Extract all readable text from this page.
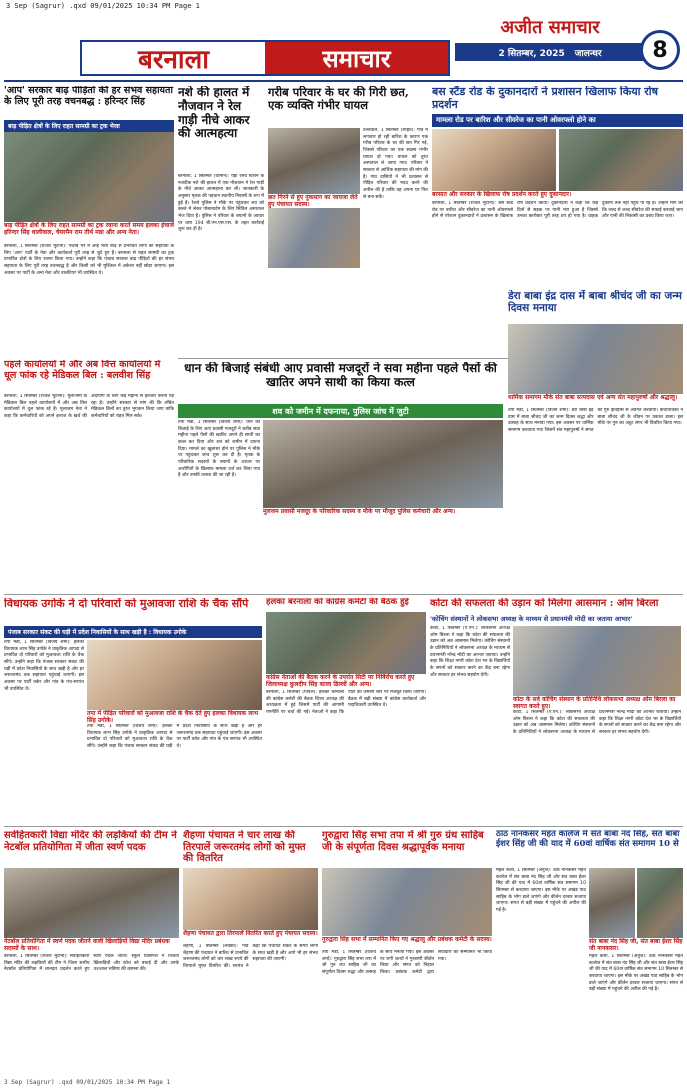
3 Sep (Sagrur) .qxd 09/01/2025 10:34 PM Page 1
बरनाला	समाचार
अजीत समाचार
2 सितम्बर, 2025 जालन्धर	8
'आप' सरकार बाढ़ पीड़ितों की हर संभव सहायता के लिए पूरी तरह वचनबद्ध : हरिन्दर सिंह
बाढ़ पीड़ित क्षेत्रों के लिए राहत सामग्री का ट्रक भेजा
बाढ़ पीड़ित क्षेत्रों के लिए राहत सामग्री का ट्रक रवाना करते समय हलका इंचार्ज हरिन्दर सिंह धालीवाल, चेयरमैन राम तीर्थ मन्ना और अन्य नेता।
बरनाला, 1 सितम्बर (राजेश भुटानी): पंजाब भर में आई भारी बाढ़ से प्रभावित लोगों की सहायता के लिए 'आप' पार्टी के नेता और कार्यकर्ता पूरी तरह से जुटे हुए हैं। बरनाला से राहत सामग्री का ट्रक प्रभावित क्षेत्रों के लिए रवाना किया गया। उन्होंने कहा कि पंजाब सरकार बाढ़ पीड़ितों की हर संभव सहायता के लिए पूरी तरह वचनबद्ध है और किसी को भी मुश्किल में अकेला नहीं छोड़ा जाएगा। इस अवसर पर पार्टी के अन्य नेता और वालंटियर भी उपस्थित थे।
नशे की हालत में नौजवान ने रेल गाड़ी नीचे आकर की आत्महत्या
बरनाला, 1 सितम्बर (धीमान): यहां रेलवे स्टेशन के नजदीक नशे की हालत में एक नौजवान ने रेल गाड़ी के नीचे आकर आत्महत्या कर ली। जानकारी के अनुसार मृतक की पहचान स्थानीय निवासी के रूप में हुई है। रेलवे पुलिस ने मौके पर पहुंचकर शव को कब्जे में लेकर पोस्टमार्टम के लिए सिविल अस्पताल भेज दिया है। पुलिस ने परिवार के बयानों के आधार पर धारा 194 बी.एन.एस.एस. के तहत कार्रवाई शुरू कर दी है।
गरीब परिवार के घर की गिरी छत, एक व्यक्ति गंभीर घायल
छत गिरने से हुए नुकसान का जायजा लेते हुए पंचायत सदस्य।
टल्लेवाल, 1 सितम्बर (रोहित): गांव में लगातार हो रही बारिश के कारण एक गरीब परिवार के घर की छत गिर गई, जिससे परिवार का एक सदस्य गंभीर घायल हो गया। घायल को तुरंत अस्पताल ले जाया गया। परिवार ने सरकार से आर्थिक सहायता की मांग की है। गांव वासियों ने भी प्रशासन से पीड़ित परिवार की मदद करने की अपील की है ताकि वह अपना घर फिर से बना सकें।
बस स्टैंड रोड के दुकानदारों ने प्रशासन खिलाफ किया रोष प्रदर्शन
मामला रोड पर बारिश और सीवरेज का पानी ओवरफ्लो होने का
बरसात और सरकार के खिलाफ रोष प्रदर्शन करते हुए दुकानदार।
बरनाला, 1 सितम्बर (राजेश भुटानी): बस स्टैंड रोड पर बारिश और सीवरेज का पानी ओवरफ्लो होने से परेशान दुकानदारों ने प्रशासन के खिलाफ रोष प्रदर्शन किया। दुकानदारों ने कहा कि कई दिनों से सड़क पर पानी भरा हुआ है जिससे उनका कारोबार पूरी तरह ठप हो गया है। ग्राहक दुकानों तक नहीं पहुंच पा रहे हैं। उन्होंने मांग की कि जल्द से जल्द सीवरेज की सफाई करवाई जाए और पानी की निकासी का प्रबंध किया जाए।
पहले कार्यालयों में और अब वित्त कार्यालयों में धूल फांक रहे मेडिकल बिल : बलवीश सिंह
बरनाला, 1 सितम्बर (राजेश भुटानी): मुलाजमों के मेडिकल बिल पहले कार्यालयों में और अब वित्त कार्यालयों में धूल फांक रहे हैं। मुलाजम नेता ने कहा कि कर्मचारियों को अपने इलाज के खर्च की अदायगी के लिए कई महीनों से इंतजार करना पड़ रहा है। उन्होंने सरकार से मांग की कि लंबित मेडिकल बिलों का तुरंत भुगतान किया जाए ताकि कर्मचारियों को राहत मिल सके।
धान की बिजाई संबंधी आए प्रवासी मजदूरों ने सवा महीना पहले पैसों की खातिर अपने साथी का किया कत्ल
शव को जमीन में दफनाया, पुलिस जांच में जुटी
तपा मंडी, 1 सितम्बर (विजय शर्मा): धान की बिजाई के लिए आए प्रवासी मजदूरों ने करीब सवा महीना पहले पैसों की खातिर अपने ही साथी का कत्ल कर दिया और शव को जमीन में दफना दिया। मामले का खुलासा होने पर पुलिस ने मौके पर पहुंचकर जांच शुरू कर दी है। मृतक के परिवारिक सदस्यों के बयानों के आधार पर आरोपियों के खिलाफ मामला दर्ज कर लिया गया है और उनकी तलाश की जा रही है।
मुलजम प्रवासी मजदूर के परिवारिक सदस्य व मौके पर मौजूद पुलिस कर्मचारी और अन्य।
डेरा बाबा इंद्र दास में बाबा श्रीचंद जी का जन्म दिवस मनाया
धार्मिक समागम मौके संत बाबा सत्यदास एवं अन्य संत महापुरुषों और श्रद्धालु।
तपा मंडी, 1 सितम्बर (विजय शर्मा): डेरा बाबा इंद्र दास में बाबा श्रीचंद जी का जन्म दिवस श्रद्धा और उत्साह के साथ मनाया गया। इस अवसर पर धार्मिक समागम करवाया गया जिसमें संत महापुरुषों ने संगत को गुरु इतिहास से अवगत करवाया। कथावाचकों ने बाबा श्रीचंद जी के जीवन पर प्रकाश डाला। इस मौके पर गुरु का अटूट लंगर भी वितरित किया गया।
विधायक उगोके ने दो परिवारों को मुआवजा राशि के चैक सौंपे
पंजाब सरकार संकट की घड़ी में प्रदेश निवासियों के साथ खड़ी है : विधायक उगोके
तपा मंडी, 1 सितम्बर (विजय शर्मा): हलका विधायक लाभ सिंह उगोके ने प्राकृतिक आपदा से प्रभावित दो परिवारों को मुआवजा राशि के चैक सौंपे। उन्होंने कहा कि पंजाब सरकार संकट की घड़ी में प्रदेश निवासियों के साथ खड़ी है और हर जरूरतमंद तक सहायता पहुंचाई जाएगी। इस अवसर पर पार्टी वर्कर और गांव के पंच-सरपंच भी उपस्थित थे।
तपा में पीड़ित परिवारों को मुआवजा राशि के चैक देते हुए हलका विधायक लाभ सिंह उगोके।
तपा मंडी, 1 सितम्बर (विजय शर्मा): हलका विधायक लाभ सिंह उगोके ने प्राकृतिक आपदा से प्रभावित दो परिवारों को मुआवजा राशि के चैक सौंपे। उन्होंने कहा कि पंजाब सरकार संकट की घड़ी में प्रदेश निवासियों के साथ खड़ी है और हर जरूरतमंद तक सहायता पहुंचाई जाएगी। इस अवसर पर पार्टी वर्कर और गांव के पंच-सरपंच भी उपस्थित थे।
हलका बरनाला को कांग्रेस कमेटी की बैठक हुई
कांग्रेस नेताओं की बैठक करने के उपरांत सिटी पर निर्विरोध करते हुए जिलाध्यक्ष कुलदीप सिंह काला ढिल्लों और अन्य।
बरनाला, 1 सितम्बर (गोयल): हलका बरनाला की कांग्रेस कमेटी की बैठक जिला अध्यक्ष की अध्यक्षता में हुई जिसमें पार्टी की आगामी रणनीति पर चर्चा की गई। नेताओं ने कहा कि पार्टी को जमीनी स्तर पर मजबूत किया जाएगा। बैठक में बड़ी संख्या में कांग्रेस कार्यकर्ता और पदाधिकारी उपस्थित थे।
कोटा की सफलता की उड़ान को मिलेगा आसमान : ओम बिरला
'कोचिंग संस्थानों ने लोकसभा अध्यक्ष के माध्यम से प्रधानमंत्री मोदी का जताया आभार'
कोटा, 1 सितम्बर (ए.एन.): लोकसभा अध्यक्ष ओम बिरला ने कहा कि कोटा की सफलता की उड़ान को अब आसमान मिलेगा। कोचिंग संस्थानों के प्रतिनिधियों ने लोकसभा अध्यक्ष के माध्यम से प्रधानमंत्री नरेन्द्र मोदी का आभार जताया। उन्होंने कहा कि शिक्षा नगरी कोटा देश भर के विद्यार्थियों के सपनों को साकार करने का केंद्र बना रहेगा और सरकार हर संभव सहयोग देगी।
कोटा के सर्व कोचिंग संस्थान के प्रतिनिधि लोकसभा अध्यक्ष ओम बिरला का स्वागत करते हुए।
कोटा, 1 सितम्बर (ए.एन.): लोकसभा अध्यक्ष ओम बिरला ने कहा कि कोटा की सफलता की उड़ान को अब आसमान मिलेगा। कोचिंग संस्थानों के प्रतिनिधियों ने लोकसभा अध्यक्ष के माध्यम से प्रधानमंत्री नरेन्द्र मोदी का आभार जताया। उन्होंने कहा कि शिक्षा नगरी कोटा देश भर के विद्यार्थियों के सपनों को साकार करने का केंद्र बना रहेगा और सरकार हर संभव सहयोग देगी।
सर्वहितकारी विद्या मंदिर की लड़कियों की टीम ने नेटबॉल प्रतियोगिता में जीता स्वर्ण पदक
नेटबॉल प्रतियोगिता में स्वर्ण पदक जीतने वाली खिलाड़ियों विद्या मंदिर प्रबंधक सदस्यों के साथ।
बरनाला, 1 सितम्बर (राजेश भुटानी): सर्वहितकारी विद्या मंदिर की लड़कियों की टीम ने जिला स्तरीय नेटबॉल प्रतियोगिता में शानदार प्रदर्शन करते हुए स्वर्ण पदक जीता। स्कूल प्रिंसिपल ने विजेता खिलाड़ियों और कोच को बधाई दी और उनके उज्ज्वल भविष्य की कामना की।
शैहणा पंचायत ने चार लाख की तिरपालें जरूरतमंद लोगों को मुफ्त की वितरित
शैहणा पंचायत द्वारा तिरपालें वितरित करते हुए पंचायत सदस्य।
शैहणा, 1 सितम्बर (लक्की): गांव शैहणा की पंचायत ने बारिश से प्रभावित जरूरतमंद लोगों को चार लाख रुपये की तिरपालें मुफ्त वितरित कीं। सरपंच ने कहा कि पंचायत संकट के समय लोगों के साथ खड़ी है और आगे भी हर संभव सहायता की जाएगी।
गुरुद्वारा सिंह सभा तपा में श्री गुरु ग्रंथ साहिब जी के संपूर्णता दिवस श्रद्धापूर्वक मनाया
गुरुद्वारा सिंह सभा में सम्मानित किए गए श्रद्धालु और प्रबंधक कमेटी के सदस्य।
तपा मंडी, 1 सितम्बर (विजय शर्मा): गुरुद्वारा सिंह सभा तपा में श्री गुरु ग्रंथ साहिब जी का संपूर्णता दिवस श्रद्धा और उत्साह के साथ मनाया गया। इस अवसर पर रागी जत्थों ने गुरबाणी कीर्तन किया और संगत को निहाल किया। प्रबंधक कमेटी द्वारा सेवादारों को सम्मानित भी किया गया।
ठाठ नानकसर महंत कालेज में संत बाबा नंद सिंह, संत बाबा ईशर सिंह जी की याद में 60वां वार्षिक संत समागम 10 से
महल कलां, 1 सितम्बर (अनुज): ठाठ नानकसर महंत कालेज में संत बाबा नंद सिंह जी और संत बाबा ईशर सिंह जी की याद में 60वां वार्षिक संत समागम 10 सितम्बर से करवाया जाएगा। इस मौके पर अखंड पाठ साहिब के भोग डाले जाएंगे और कीर्तन दरबार सजाया जाएगा। संगत से बड़ी संख्या में पहुंचने की अपील की गई है।
संत बाबा नंद सिंह जी, संत बाबा ईशर सिंह जी नानकसर।
महल कलां, 1 सितम्बर (अनुज): ठाठ नानकसर महंत कालेज में संत बाबा नंद सिंह जी और संत बाबा ईशर सिंह जी की याद में 60वां वार्षिक संत समागम 10 सितम्बर से करवाया जाएगा। इस मौके पर अखंड पाठ साहिब के भोग डाले जाएंगे और कीर्तन दरबार सजाया जाएगा। संगत से बड़ी संख्या में पहुंचने की अपील की गई है।
3 Sep (Sagrur) .qxd 09/01/2025 10:34 PM Page 1
